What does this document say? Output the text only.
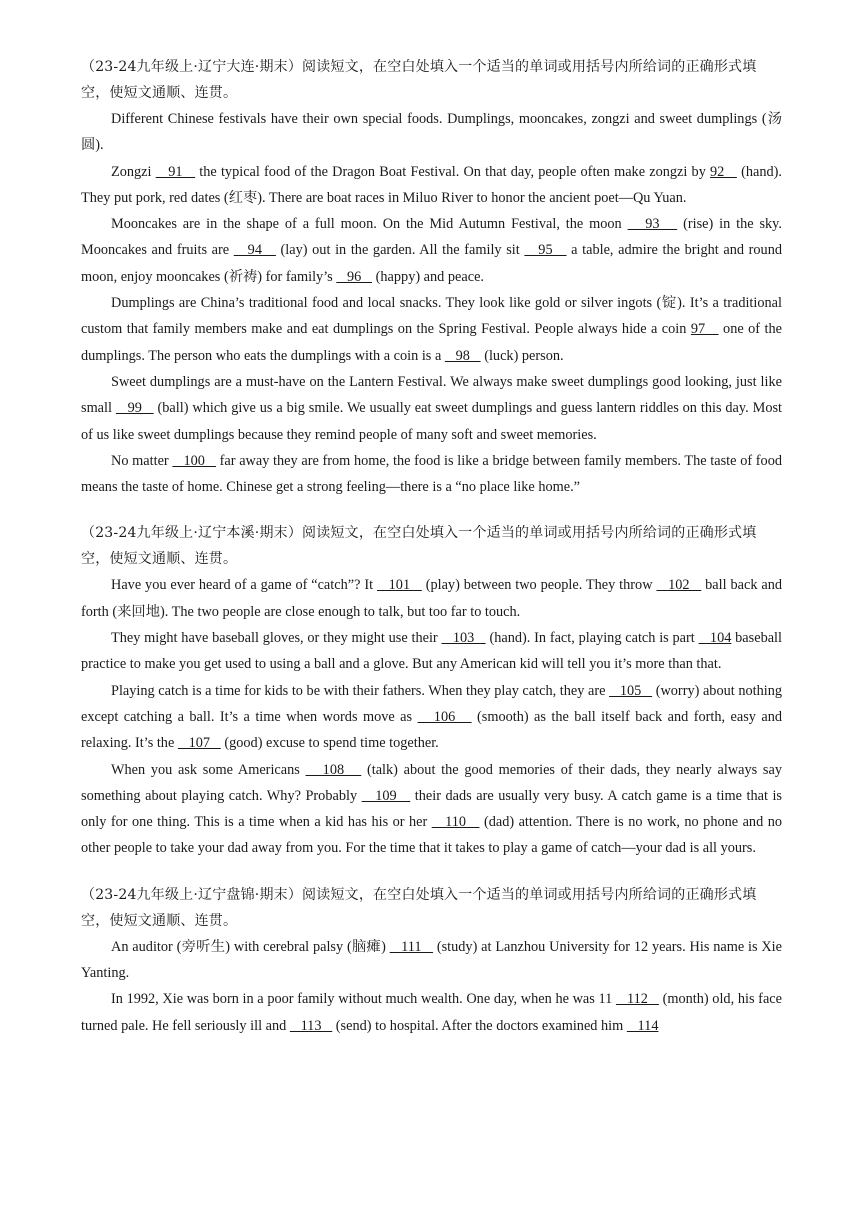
（23-24九年级上·辽宁大连·期末）阅读短文，在空白处填入一个适当的单词或用括号内所给词的正确形式填空，使短文通顺、连贯。

Different Chinese festivals have their own special foods. Dumplings, mooncakes, zongzi and sweet dumplings (汤圆).

Zongzi    91    the typical food of the Dragon Boat Festival. On that day, people often make zongzi by 92    (hand). They put pork, red dates (红枣). There are boat races in Miluo River to honor the ancient poet—Qu Yuan.

Mooncakes are in the shape of a full moon. On the Mid Autumn Festival, the moon    93    (rise) in the sky. Mooncakes and fruits are    94    (lay) out in the garden. All the family sit    95    a table, admire the bright and round moon, enjoy mooncakes (祈祷) for family’s    96    (happy) and peace.

Dumplings are China’s traditional food and local snacks. They look like gold or silver ingots (锭). It’s a traditional custom that family members make and eat dumplings on the Spring Festival. People always hide a coin 97    one of the dumplings. The person who eats the dumplings with a coin is a    98    (luck) person.

Sweet dumplings are a must-have on the Lantern Festival. We always make sweet dumplings good looking, just like small    99    (ball) which give us a big smile. We usually eat sweet dumplings and guess lantern riddles on this day. Most of us like sweet dumplings because they remind people of many soft and sweet memories.

No matter    100    far away they are from home, the food is like a bridge between family members. The taste of food means the taste of home. Chinese get a strong feeling—there is a “no place like home.”

（23-24九年级上·辽宁本溪·期末）阅读短文，在空白处填入一个适当的单词或用括号内所给词的正确形式填空，使短文通顺、连贯。

Have you ever heard of a game of “catch”? It    101    (play) between two people. They throw    102    ball back and forth (来回地). The two people are close enough to talk, but too far to touch.

They might have baseball gloves, or they might use their    103    (hand). In fact, playing catch is part    104 baseball practice to make you get used to using a ball and a glove. But any American kid will tell you it’s more than that.

Playing catch is a time for kids to be with their fathers. When they play catch, they are    105    (worry) about nothing except catching a ball. It’s a time when words move as    106    (smooth) as the ball itself back and forth, easy and relaxing. It’s the    107    (good) excuse to spend time together.

When you ask some Americans    108    (talk) about the good memories of their dads, they nearly always say something about playing catch. Why? Probably    109    their dads are usually very busy. A catch game is a time that is only for one thing. This is a time when a kid has his or her    110    (dad) attention. There is no work, no phone and no other people to take your dad away from you. For the time that it takes to play a game of catch—your dad is all yours.

（23-24九年级上·辽宁盘锦·期末）阅读短文，在空白处填入一个适当的单词或用括号内所给词的正确形式填空，使短文通顺、连贯。

An auditor (旁听生) with cerebral palsy (脑瘫)    111    (study) at Lanzhou University for 12 years. His name is Xie Yanting.

In 1992, Xie was born in a poor family without much wealth. One day, when he was 11    112    (month) old, his face turned pale. He fell seriously ill and    113    (send) to hospital. After the doctors examined him    114
